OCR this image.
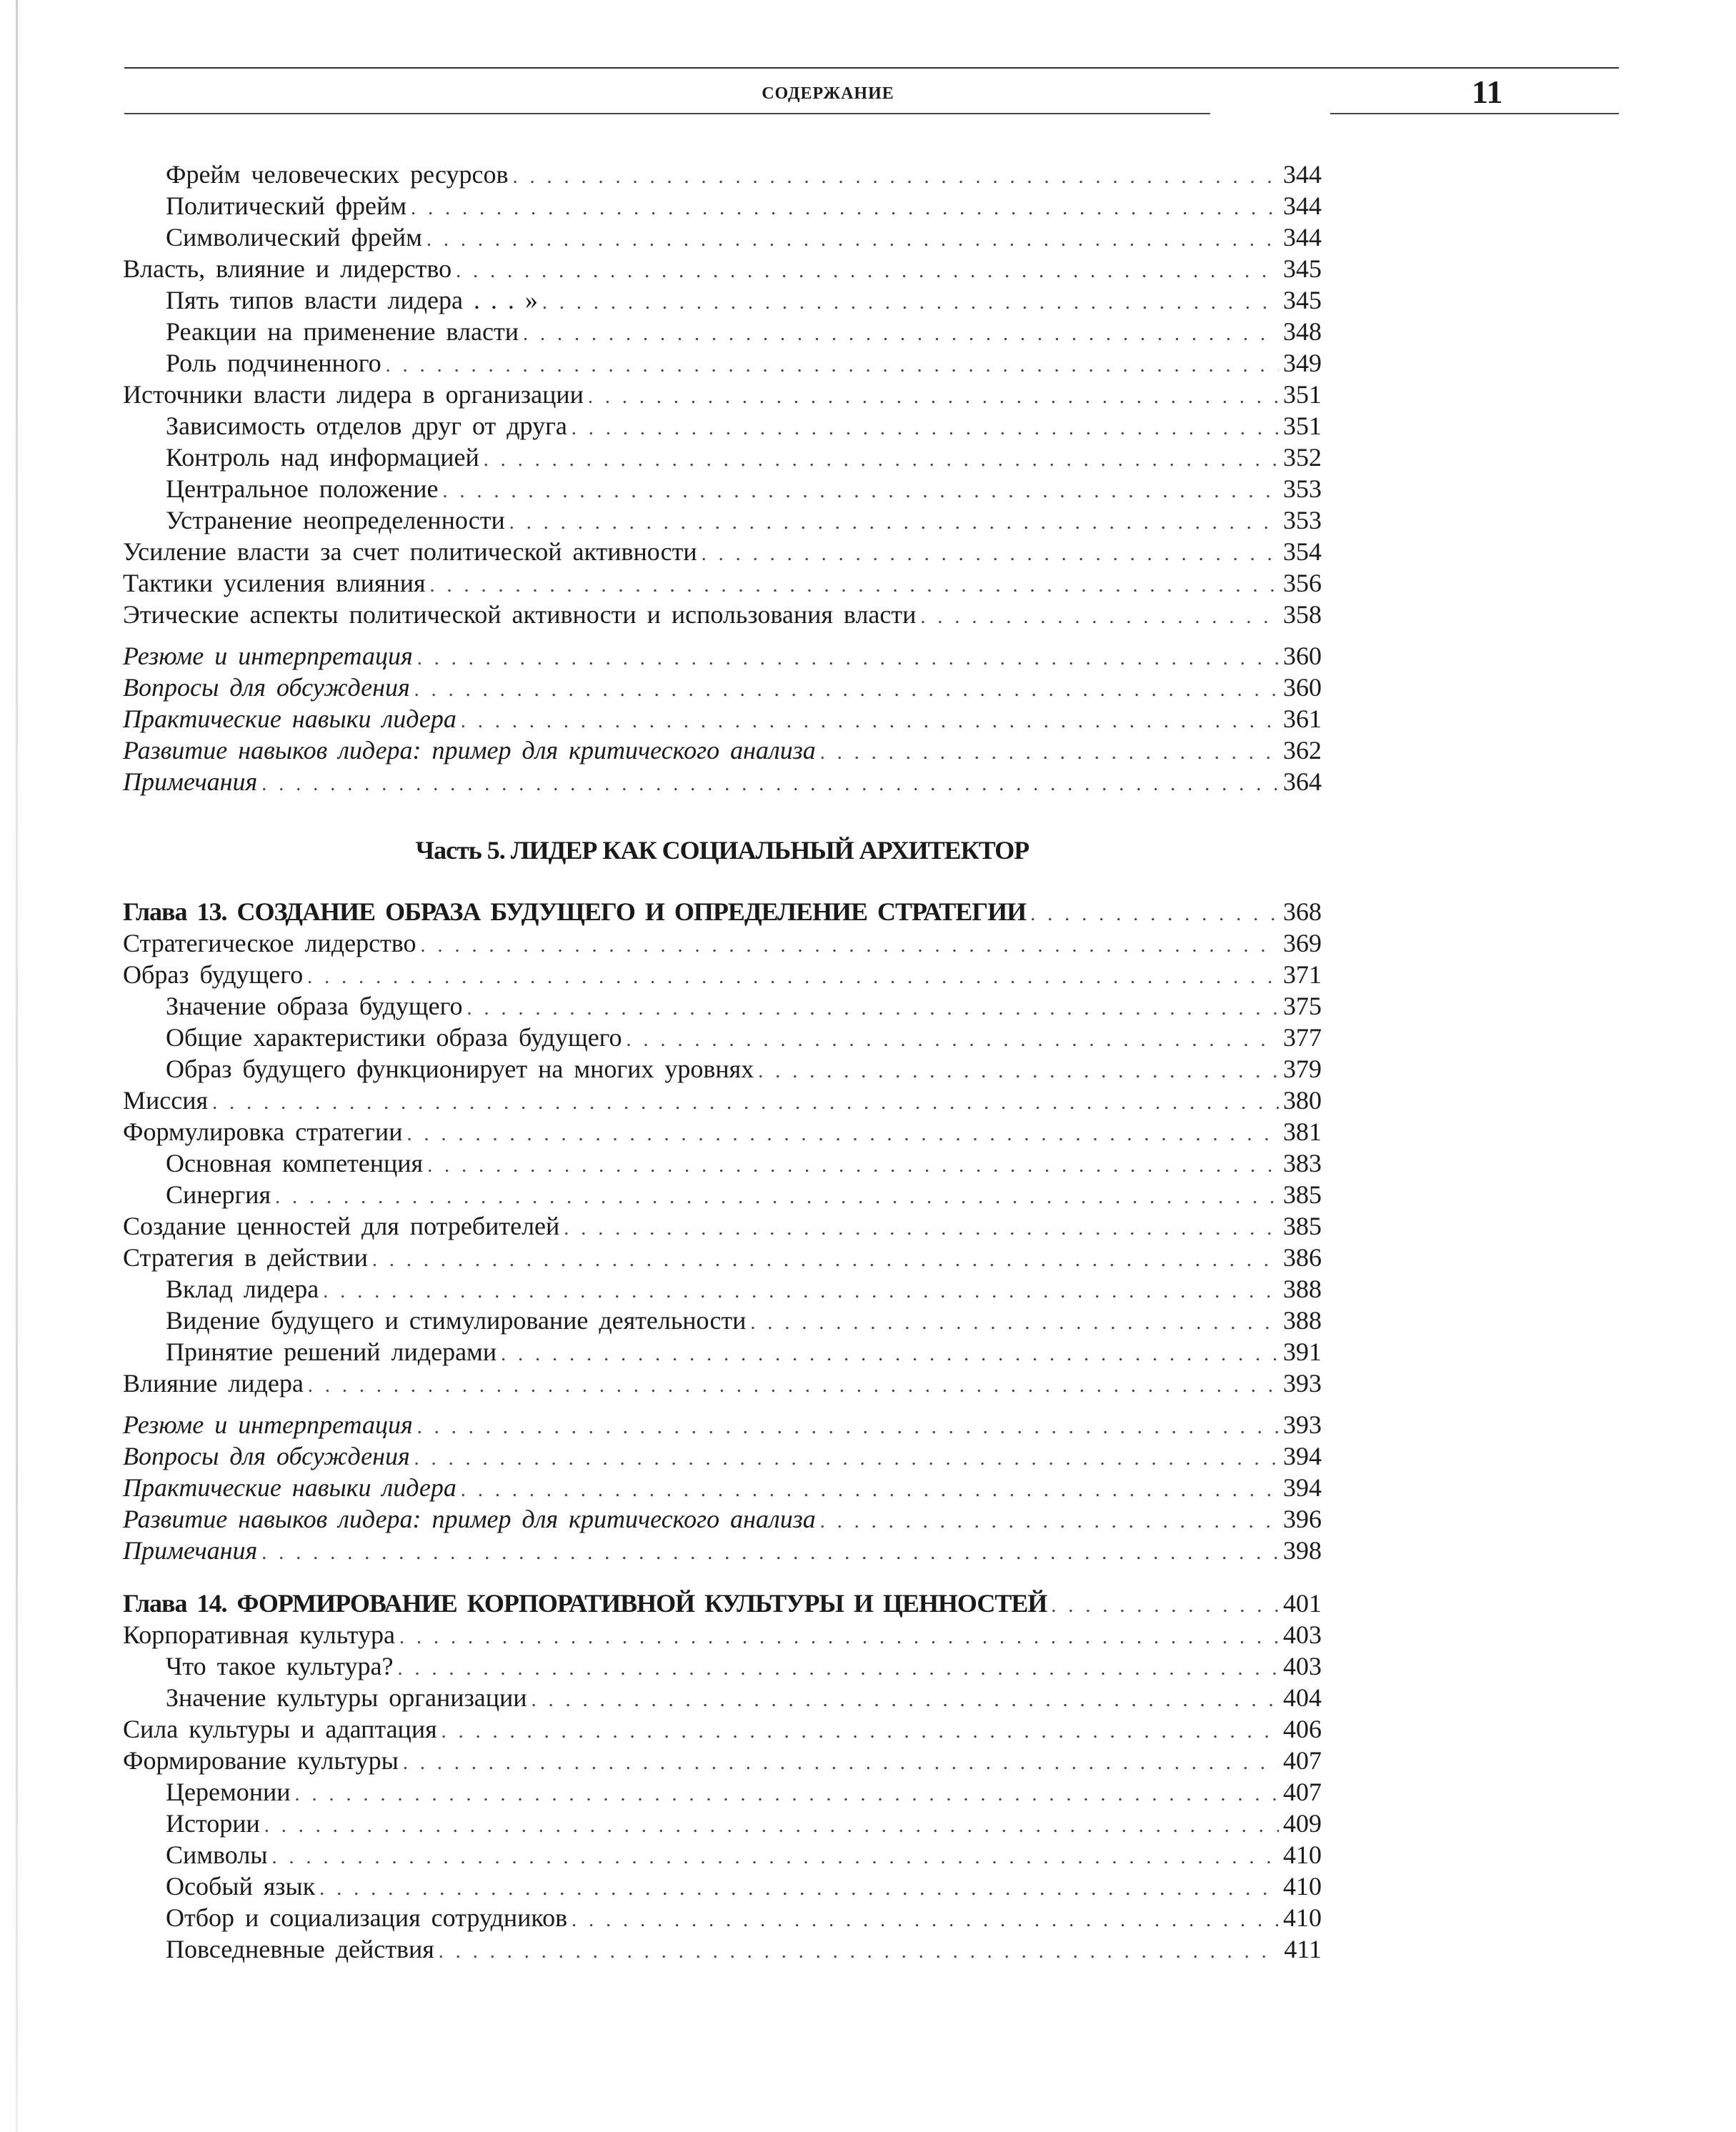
СОДЕРЖАНИЕ	11
Фрейм человеческих ресурсов . . .	344
Политический фрейм . . .	344
Символический фрейм . . .	344
Власть, влияние и лидерство . . .	345
Пять типов власти лидера . . . » . . .	345
Реакции на применение власти . . .	348
Роль подчиненного . . .	349
Источники власти лидера в организации . . .	351
Зависимость отделов друг от друга . . .	351
Контроль над информацией . . .	352
Центральное положение . . .	353
Устранение неопределенности . . .	353
Усиление власти за счет политической активности . . .	354
Тактики усиления влияния . . .	356
Этические аспекты политической активности и использования власти . . .	358
Резюме и интерпретация . . .	360
Вопросы для обсуждения . . .	360
Практические навыки лидера . . .	361
Развитие навыков лидера: пример для критического анализа . . .	362
Примечания . . .	364
Часть 5. ЛИДЕР КАК СОЦИАЛЬНЫЙ АРХИТЕКТОР
Глава 13. СОЗДАНИЕ ОБРАЗА БУДУЩЕГО И ОПРЕДЕЛЕНИЕ СТРАТЕГИИ . . .	368
Стратегическое лидерство . . .	369
Образ будущего . . .	371
Значение образа будущего . . .	375
Общие характеристики образа будущего . . .	377
Образ будущего функционирует на многих уровнях . . .	379
Миссия . . .	380
Формулировка стратегии . . .	381
Основная компетенция . . .	383
Синергия . . .	385
Создание ценностей для потребителей . . .	385
Стратегия в действии . . .	386
Вклад лидера . . .	388
Видение будущего и стимулирование деятельности . . .	388
Принятие решений лидерами . . .	391
Влияние лидера . . .	393
Резюме и интерпретация . . .	393
Вопросы для обсуждения . . .	394
Практические навыки лидера . . .	394
Развитие навыков лидера: пример для критического анализа . . .	396
Примечания . . .	398
Глава 14. ФОРМИРОВАНИЕ КОРПОРАТИВНОЙ КУЛЬТУРЫ И ЦЕННОСТЕЙ . . .	401
Корпоративная культура . . .	403
Что такое культура? . . .	403
Значение культуры организации . . .	404
Сила культуры и адаптация . . .	406
Формирование культуры . . .	407
Церемонии . . .	407
Истории . . .	409
Символы . . .	410
Особый язык . . .	410
Отбор и социализация сотрудников . . .	410
Повседневные действия . . .	411
